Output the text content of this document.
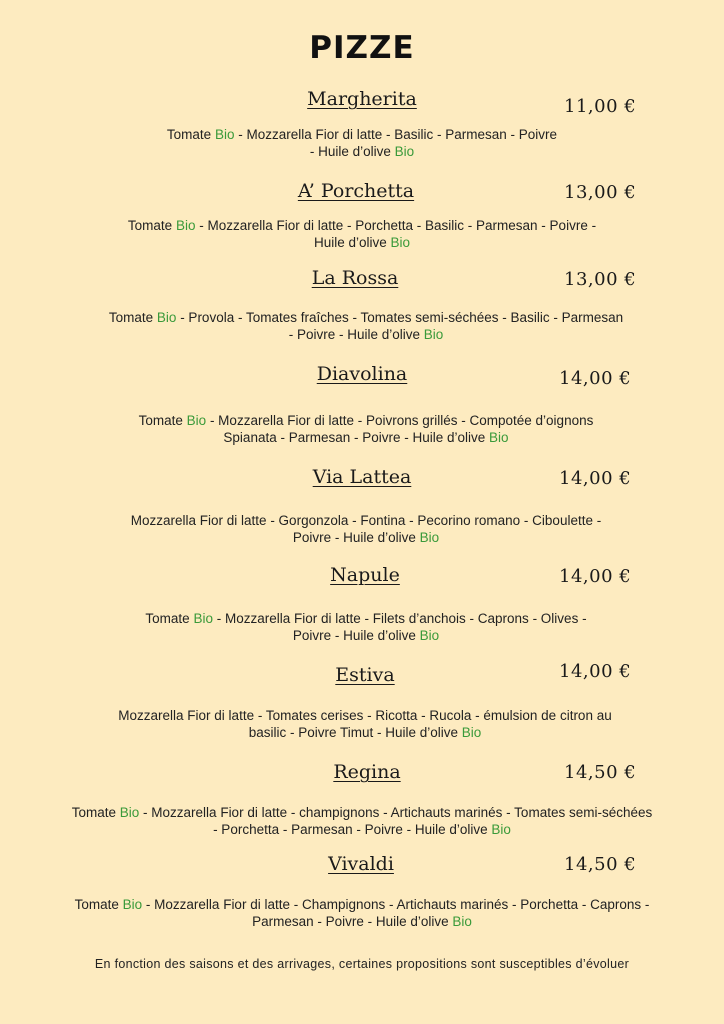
PIZZE
Margherita	11,00 €
Tomate Bio - Mozzarella Fior di latte - Basilic - Parmesan - Poivre
- Huile d’olive Bio
A’ Porchetta	13,00 €
Tomate Bio - Mozzarella Fior di latte - Porchetta - Basilic - Parmesan - Poivre -
Huile d’olive Bio
La Rossa	13,00 €
Tomate Bio - Provola - Tomates fraîches - Tomates semi-séchées - Basilic - Parmesan
- Poivre - Huile d’olive Bio
Diavolina	14,00 €
Tomate Bio - Mozzarella Fior di latte - Poivrons grillés - Compotée d’oignons
Spianata - Parmesan - Poivre - Huile d’olive Bio
Via Lattea	14,00 €
Mozzarella Fior di latte - Gorgonzola - Fontina - Pecorino romano - Ciboulette -
Poivre - Huile d’olive Bio
Napule	14,00 €
Tomate Bio - Mozzarella Fior di latte - Filets d’anchois - Caprons - Olives -
Poivre - Huile d’olive Bio
Estiva	14,00 €
Mozzarella Fior di latte - Tomates cerises - Ricotta - Rucola - émulsion de citron au
basilic - Poivre Timut - Huile d’olive Bio
Regina	14,50 €
Tomate Bio - Mozzarella Fior di latte - champignons - Artichauts marinés - Tomates semi-séchées
- Porchetta - Parmesan - Poivre - Huile d’olive Bio
Vivaldi	14,50 €
Tomate Bio - Mozzarella Fior di latte - Champignons - Artichauts marinés - Porchetta - Caprons -
Parmesan - Poivre - Huile d’olive Bio
En fonction des saisons et des arrivages, certaines propositions sont susceptibles d’évoluer
